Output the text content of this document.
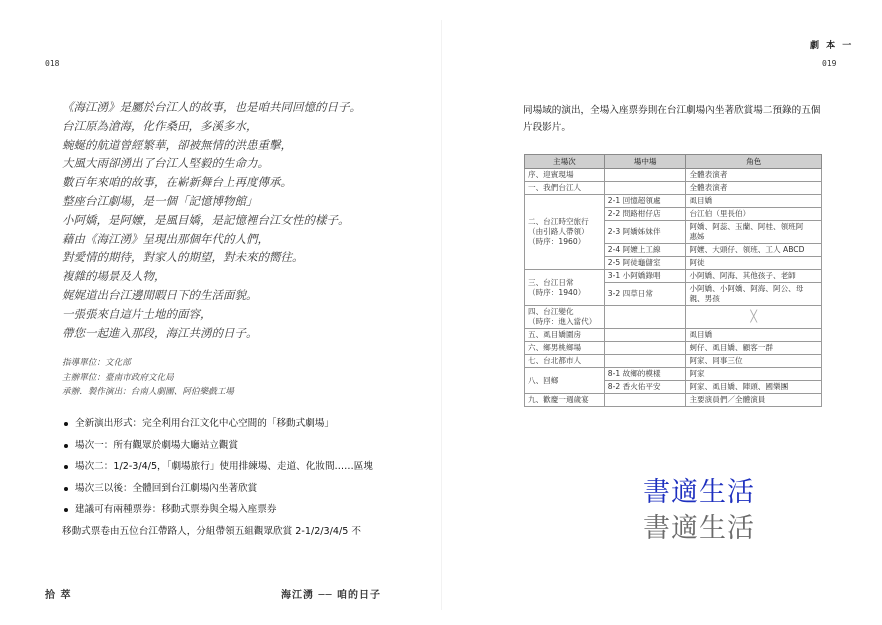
018
《海江湧》是屬於台江人的故事，也是咱共同回憶的日子。
台江原為滄海，化作桑田，多溪多水，
蜿蜒的航道曾經繁華，卻被無情的洪患重擊，
大風大雨卻湧出了台江人堅毅的生命力。
數百年來咱的故事，在嶄新舞台上再度傳承。
整座台江劇場，是一個「記憶博物館」
小阿嬌，是阿嬤，是風目嬌，是記憶裡台江女性的樣子。
藉由《海江湧》呈現出那個年代的人們，
對愛情的期待，對家人的期望，對未來的嚮往。
複雜的場景及人物，
娓娓道出台江邊閒暇日下的生活面貌。
一張張來自這片土地的面容，
帶您一起進入那段，海江共湧的日子。
指導單位：文化部
主辦單位：臺南市政府文化局
承辦．製作演出：台南人劇團、阿伯樂戲工場
全新演出形式：完全利用台江文化中心空間的「移動式劇場」
場次一：所有觀眾於劇場大廳站立觀賞
場次二：1/2-3/4/5，「劇場旅行」使用排練場、走道、化妝間……區塊
場次三以後：全體回到台江劇場內坐著欣賞
建議可有兩種票券：移動式票券與全場入座票券
移動式票卷由五位台江帶路人，分組帶領五組觀眾欣賞 2-1/2/3/4/5 不
拾 萃	海江湧 ── 咱的日子
劇 本 一
019
同場域的演出，全場入座票券則在台江劇場內坐著欣賞場二預錄的五個片段影片。
主場次	場中場	角色
序、迎賓現場		全體表演者
一、我們台江人		全體表演者
二、台江時空旅行
（由引路人帶領）
（時序：1960）	2-1 回憶超領處	虱目嬌
	2-2 問路柑仔店	台江伯（里長伯）
	2-3 阿嬌姊妹伴	阿嬌、阿蕊、玉蘭、阿桂、領班阿
惠姊
	2-4 阿嬤上工線	阿嬤、大頭仔、領班、工人 ABCD
	2-5 阿徒龜儲室	阿徒
三、台江日常
（時序：1940）	3-1 小阿嬌錄唱	小阿嬌、阿海、其他孩子、老師
	3-2 四草日常	小阿嬌、小阿嬌、阿海、阿公、母
親、男孩
四、台江變化
（時序：進入當代）		╳
五、虱目嬌圍房		虱目嬌
六、鄉男桃鄉場		蚵仔、虱目嬌、顧客一群
七、台北都市人		阿家、同事三位
八、回鄉	8-1 故鄉的模樣	阿家
	8-2 香火佑平安	阿家、虱目嬌、陣頭、國樂團
九、歡慶一週歲宴		主要演員們／全體演員
書適生活
書適生活
